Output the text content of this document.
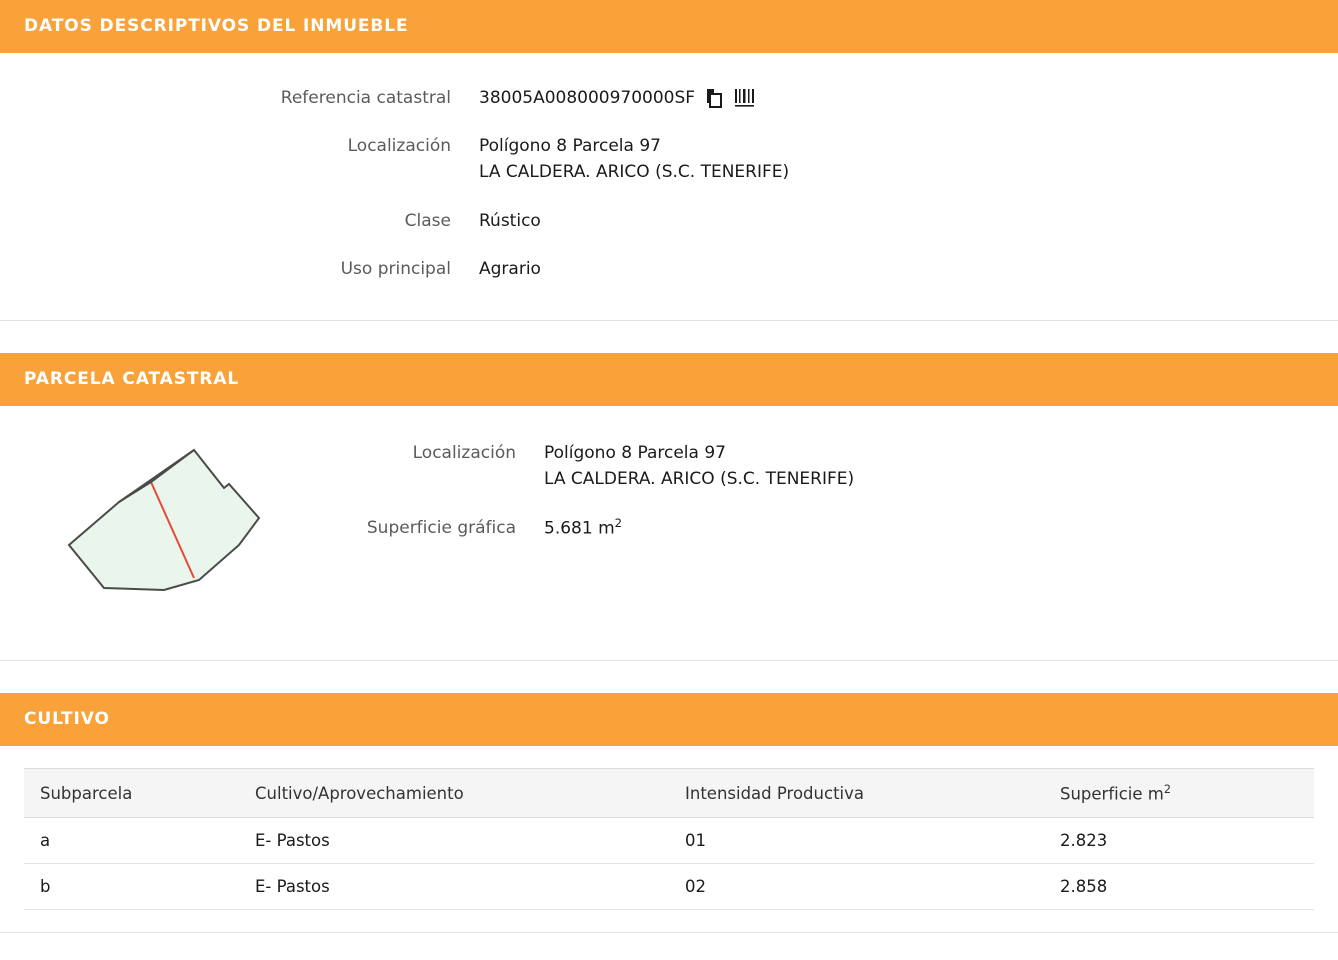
DATOS DESCRIPTIVOS DEL INMUEBLE
Referencia catastral	38005A008000970000SF

Localización	Polígono 8 Parcela 97
LA CALDERA. ARICO (S.C. TENERIFE)

Clase	Rústico
Uso principal	Agrario
PARCELA CATASTRAL
Localización	Polígono 8 Parcela 97
LA CALDERA. ARICO (S.C. TENERIFE)

Superficie gráfica	5.681 $m^2$
CULTIVO
Subparcela	Cultivo/Aprovechamiento	Intensidad Productiva	Superficie $m^2$
a	E- Pastos	01	2.823
b	E- Pastos	02	2.858
